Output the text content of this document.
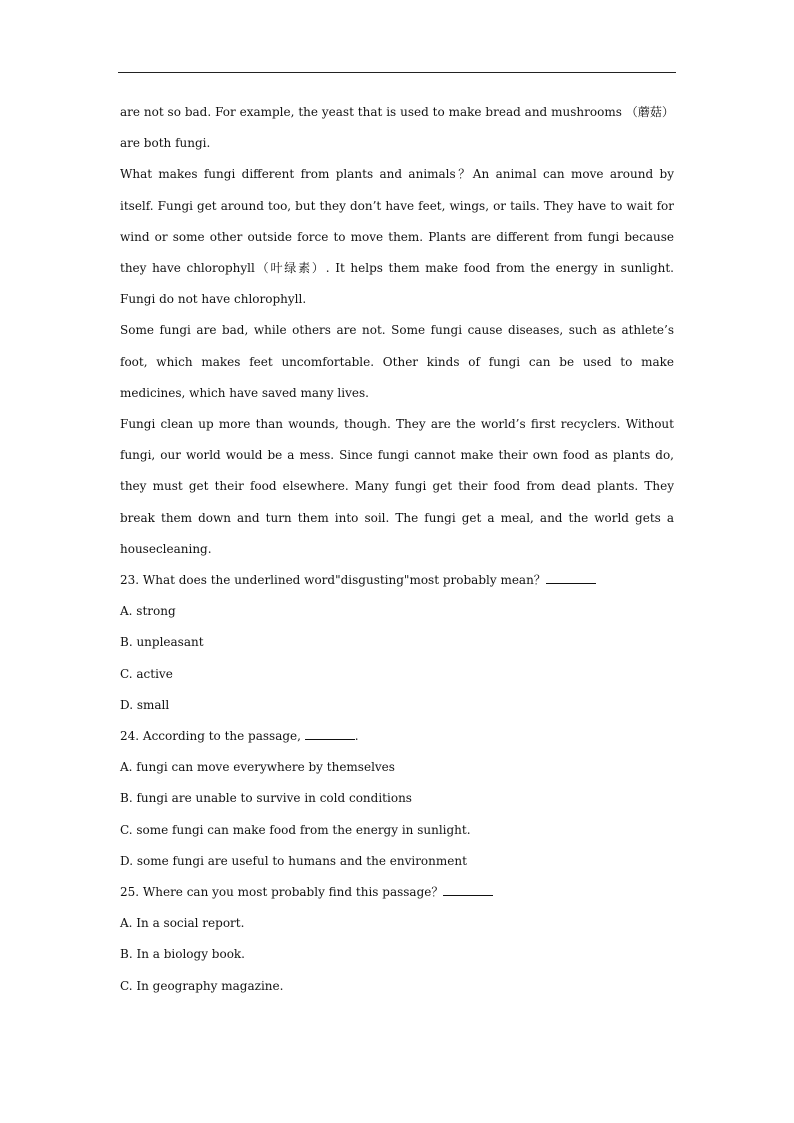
are not so bad. For example, the yeast that is used to make bread and mushrooms （蘑菇） are both fungi.

What makes fungi different from plants and animals？An animal can move around by itself. Fungi get around too, but they don’t have feet, wings, or tails. They have to wait for wind or some other outside force to move them. Plants are different from fungi because they have chlorophyll（叶绿素）. It helps them make food from the energy in sunlight. Fungi do not have chlorophyll.

Some fungi are bad, while others are not. Some fungi cause diseases, such as athlete’s foot, which makes feet uncomfortable. Other kinds of fungi can be used to make medicines, which have saved many lives.

Fungi clean up more than wounds, though. They are the world’s first recyclers. Without fungi, our world would be a mess. Since fungi cannot make their own food as plants do, they must get their food elsewhere. Many fungi get their food from dead plants. They break them down and turn them into soil. The fungi get a meal, and the world gets a housecleaning.

23. What does the underlined word"disgusting"most probably mean？

A. strong

B. unpleasant

C. active

D. small

24. According to the passage,	.

A. fungi can move everywhere by themselves

B. fungi are unable to survive in cold conditions

C. some fungi can make food from the energy in sunlight.

D. some fungi are useful to humans and the environment

25. Where can you most probably find this passage？

A. In a social report.

B. In a biology book.

C. In geography magazine.
